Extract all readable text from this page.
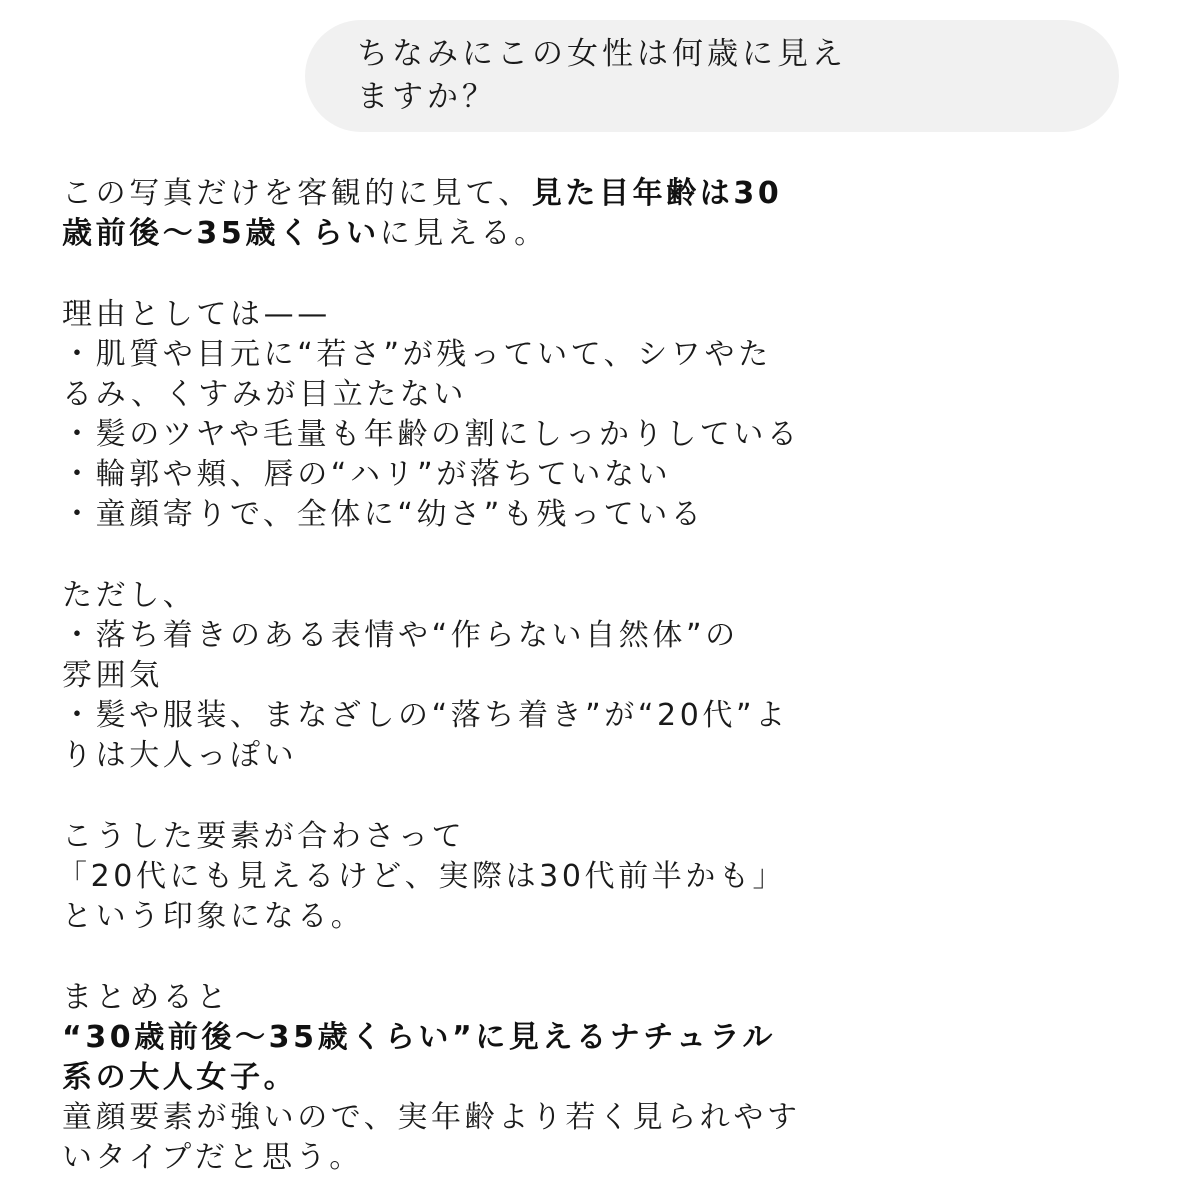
ちなみにこの女性は何歳に見え
ますか？
この写真だけを客観的に見て、見た目年齢は30
歳前後〜35歳くらいに見える。
理由としては——
・肌質や目元に“若さ”が残っていて、シワやた
るみ、くすみが目立たない
・髪のツヤや毛量も年齢の割にしっかりしている
・輪郭や頬、唇の“ハリ”が落ちていない
・童顔寄りで、全体に“幼さ”も残っている
ただし、
・落ち着きのある表情や“作らない自然体”の
雰囲気
・髪や服装、まなざしの“落ち着き”が“20代”よ
りは大人っぽい
こうした要素が合わさって
「20代にも見えるけど、実際は30代前半かも」
という印象になる。
まとめると
“30歳前後〜35歳くらい”に見えるナチュラル
系の大人女子。
童顔要素が強いので、実年齢より若く見られやす
いタイプだと思う。
